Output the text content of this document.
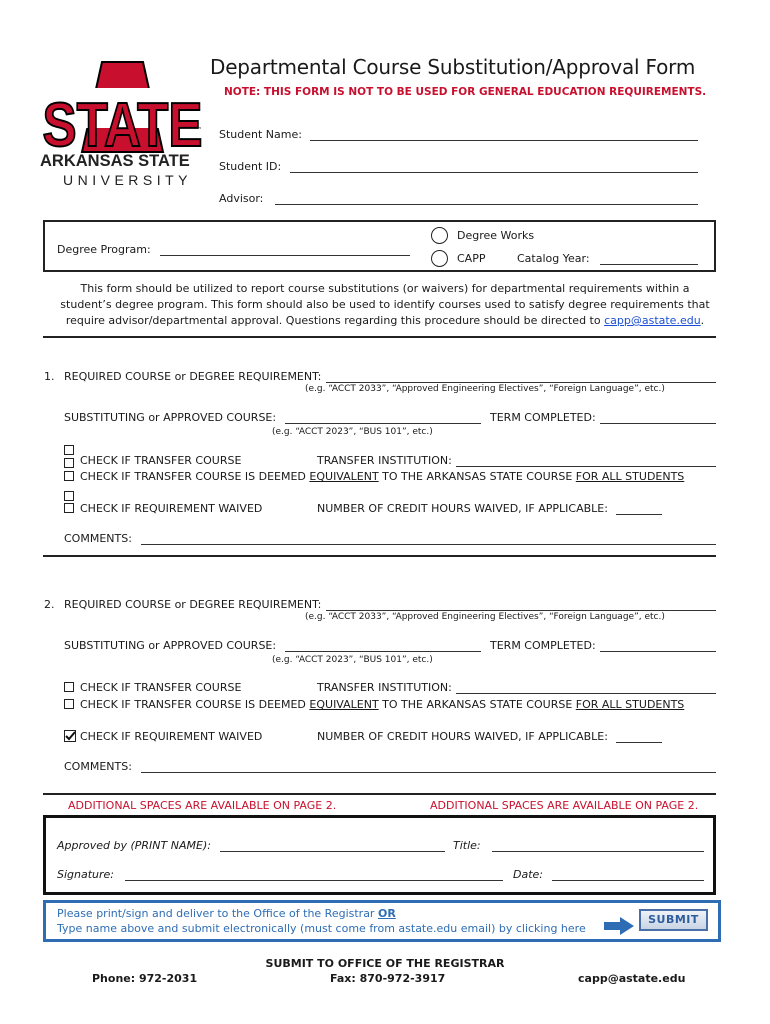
STATE
™
ARKANSAS STATE
UNIVERSITY
Departmental Course Substitution/Approval Form
NOTE: THIS FORM IS NOT TO BE USED FOR GENERAL EDUCATION REQUIREMENTS.
Student Name:
Student ID:
Advisor:
Degree Program:
Degree Works
CAPP	Catalog Year:
This form should be utilized to report course substitutions (or waivers) for departmental requirements within a
student’s degree program. This form should also be used to identify courses used to satisfy degree requirements that
require advisor/departmental approval. Questions regarding this procedure should be directed to capp@astate.edu.
1. REQUIRED COURSE or DEGREE REQUIREMENT:
(e.g. “ACCT 2033”, “Approved Engineering Electives”, “Foreign Language”, etc.)
SUBSTITUTING or APPROVED COURSE:	TERM COMPLETED:
(e.g. “ACCT 2023”, “BUS 101”, etc.)
CHECK IF TRANSFER COURSE	TRANSFER INSTITUTION:
CHECK IF TRANSFER COURSE IS DEEMED EQUIVALENT TO THE ARKANSAS STATE COURSE FOR ALL STUDENTS
CHECK IF REQUIREMENT WAIVED	NUMBER OF CREDIT HOURS WAIVED, IF APPLICABLE:
COMMENTS:
2. REQUIRED COURSE or DEGREE REQUIREMENT:
(e.g. “ACCT 2033”, “Approved Engineering Electives”, “Foreign Language”, etc.)
SUBSTITUTING or APPROVED COURSE:	TERM COMPLETED:
(e.g. “ACCT 2023”, “BUS 101”, etc.)
CHECK IF TRANSFER COURSE	TRANSFER INSTITUTION:
CHECK IF TRANSFER COURSE IS DEEMED EQUIVALENT TO THE ARKANSAS STATE COURSE FOR ALL STUDENTS
CHECK IF REQUIREMENT WAIVED	NUMBER OF CREDIT HOURS WAIVED, IF APPLICABLE:
COMMENTS:
ADDITIONAL SPACES ARE AVAILABLE ON PAGE 2.	ADDITIONAL SPACES ARE AVAILABLE ON PAGE 2.
Approved by (PRINT NAME):	Title:
Signature:	Date:
Please print/sign and deliver to the Office of the Registrar OR
Type name above and submit electronically (must come from astate.edu email) by clicking here
SUBMIT
SUBMIT TO OFFICE OF THE REGISTRAR
Phone: 972-2031	Fax: 870-972-3917	capp@astate.edu
